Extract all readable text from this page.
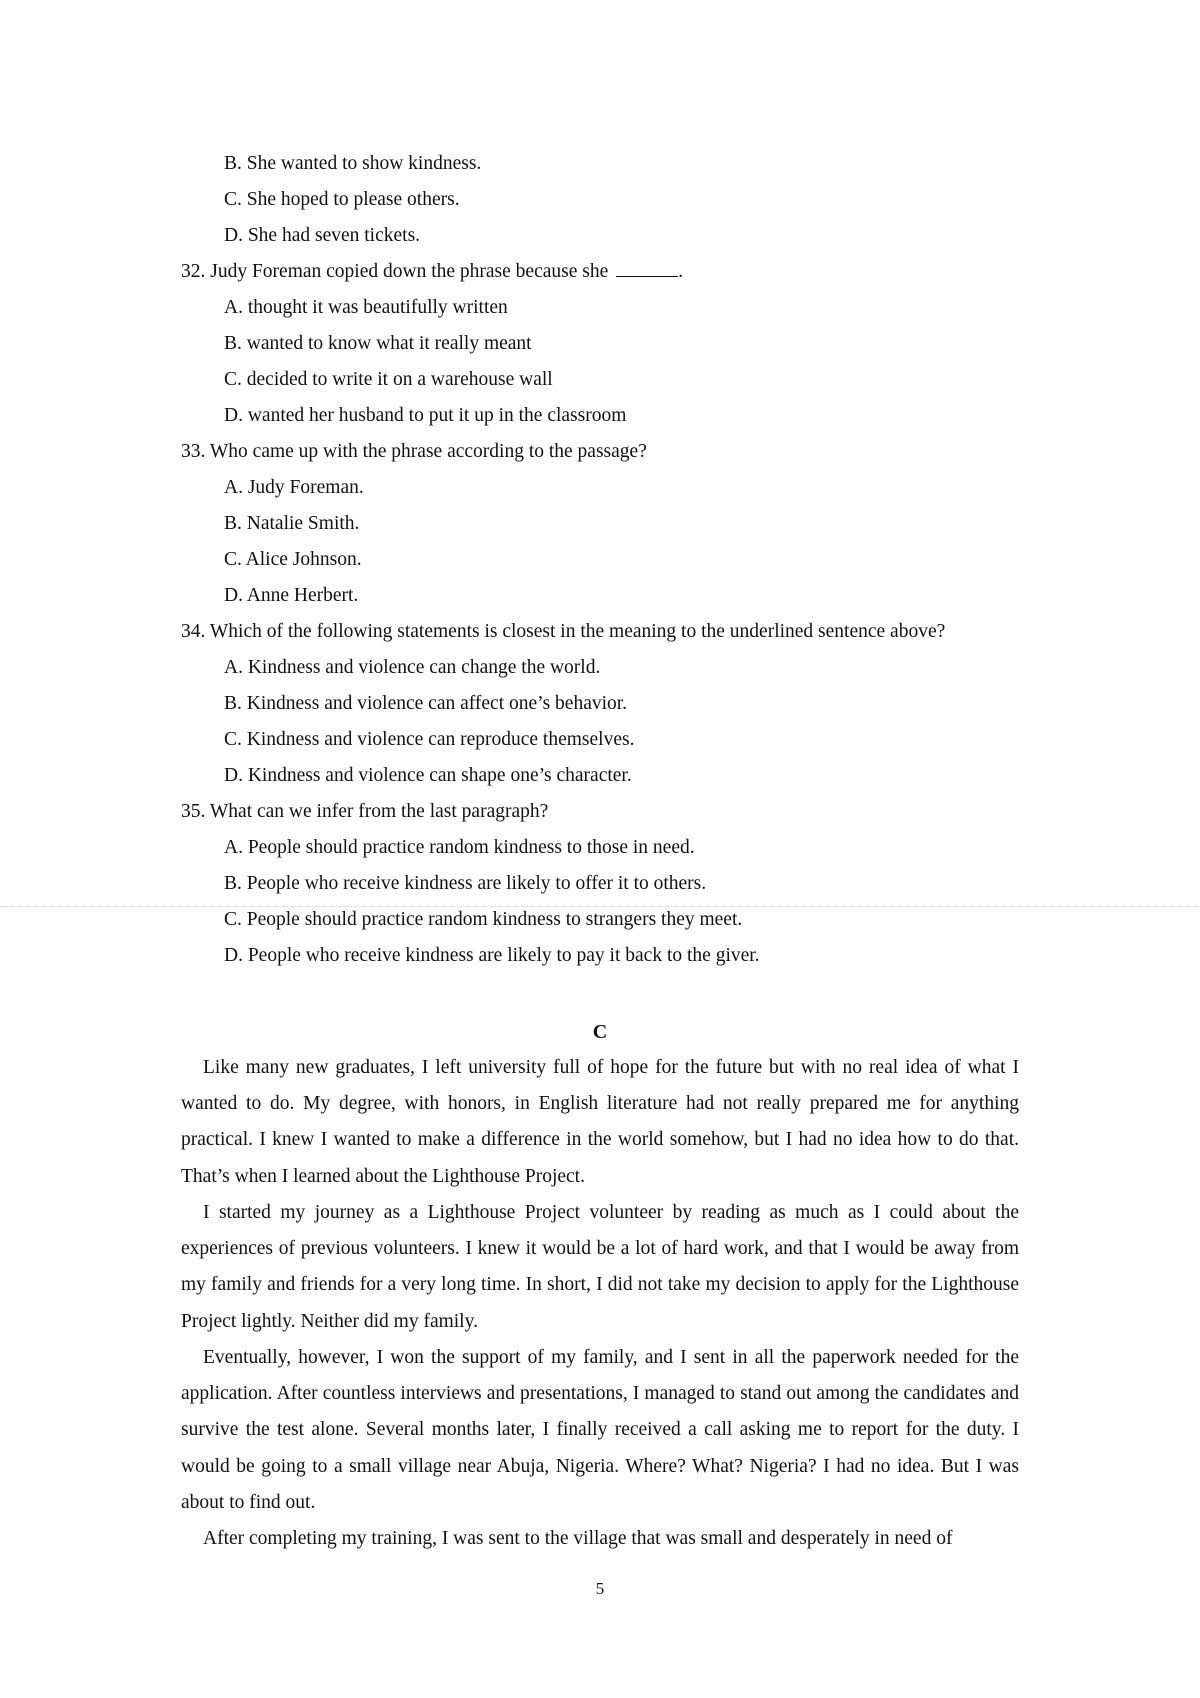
B. She wanted to show kindness.
C. She hoped to please others.
D. She had seven tickets.
32. Judy Foreman copied down the phrase because she	.
A. thought it was beautifully written
B. wanted to know what it really meant
C. decided to write it on a warehouse wall
D. wanted her husband to put it up in the classroom
33. Who came up with the phrase according to the passage?
A. Judy Foreman.
B. Natalie Smith.
C. Alice Johnson.
D. Anne Herbert.
34. Which of the following statements is closest in the meaning to the underlined sentence above?
A. Kindness and violence can change the world.
B. Kindness and violence can affect one’s behavior.
C. Kindness and violence can reproduce themselves.
D. Kindness and violence can shape one’s character.
35. What can we infer from the last paragraph?
A. People should practice random kindness to those in need.
B. People who receive kindness are likely to offer it to others.
C. People should practice random kindness to strangers they meet.
D. People who receive kindness are likely to pay it back to the giver.
C
Like many new graduates, I left university full of hope for the future but with no real idea of what I wanted to do. My degree, with honors, in English literature had not really prepared me for anything practical. I knew I wanted to make a difference in the world somehow, but I had no idea how to do that. That’s when I learned about the Lighthouse Project.
I started my journey as a Lighthouse Project volunteer by reading as much as I could about the experiences of previous volunteers. I knew it would be a lot of hard work, and that I would be away from my family and friends for a very long time. In short, I did not take my decision to apply for the Lighthouse Project lightly. Neither did my family.
Eventually, however, I won the support of my family, and I sent in all the paperwork needed for the application. After countless interviews and presentations, I managed to stand out among the candidates and survive the test alone. Several months later, I finally received a call asking me to report for the duty. I would be going to a small village near Abuja, Nigeria. Where? What? Nigeria? I had no idea. But I was about to find out.
After completing my training, I was sent to the village that was small and desperately in need of
5
